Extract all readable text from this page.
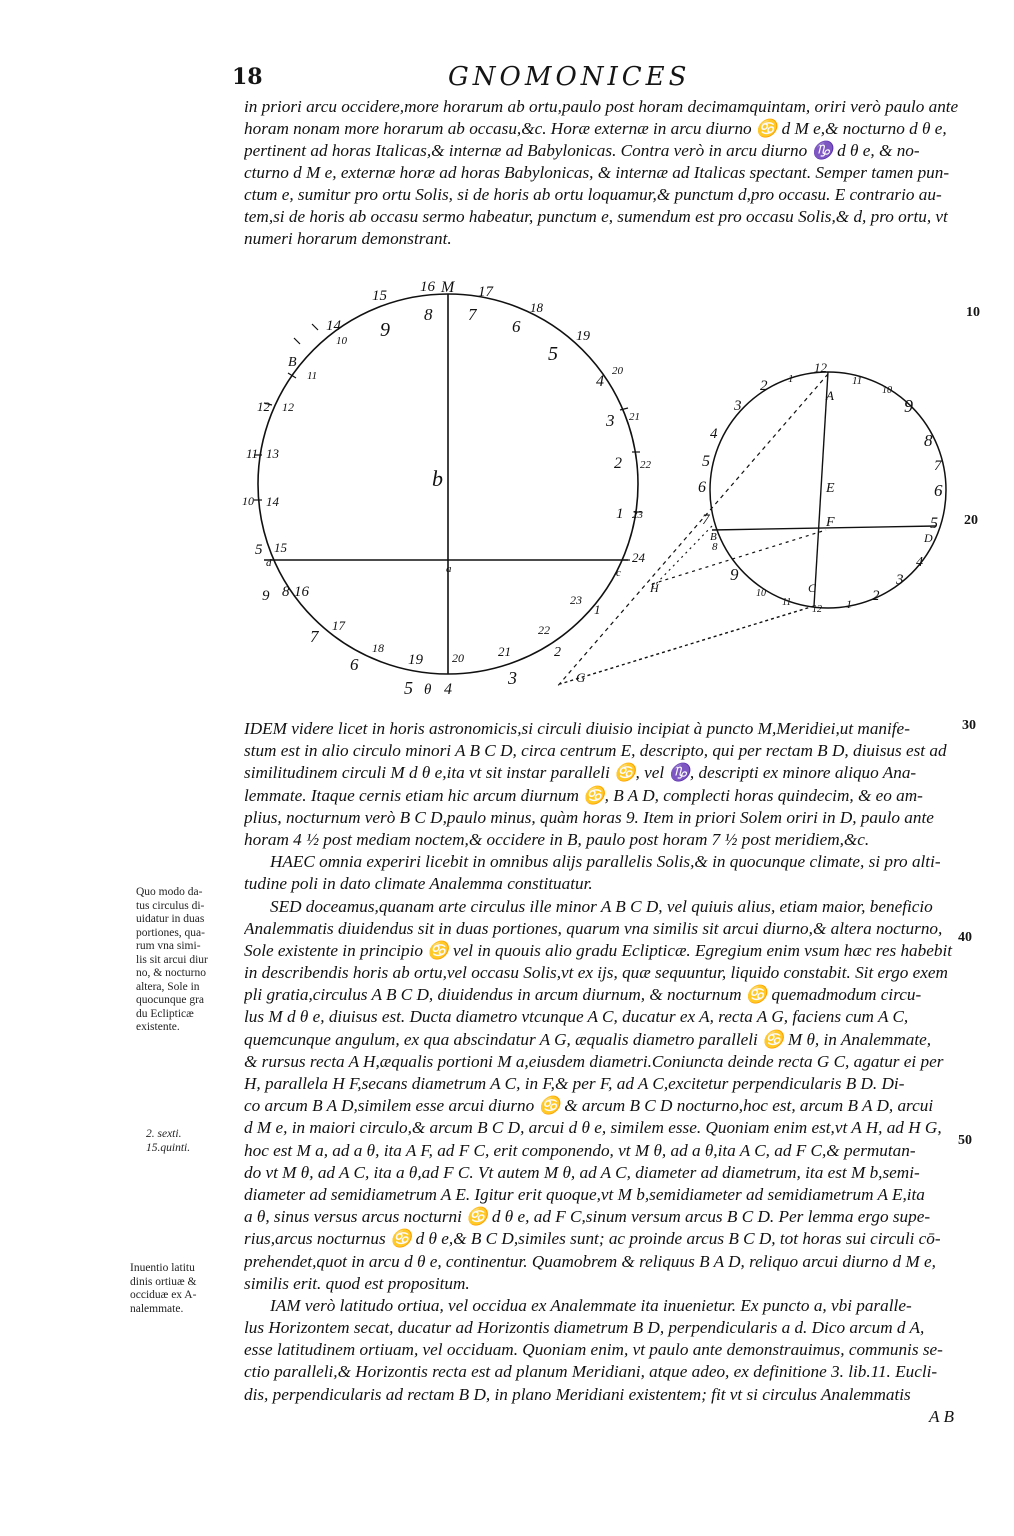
18	GNOMONICES
in priori arcu occidere,more horarum ab ortu,paulo post horam decimamquintam, oriri verò paulo ante
horam nonam more horarum ab occasu,&c. Horæ externæ in arcu diurno ♋ d M e,& nocturno d θ e,
pertinent ad horas Italicas,& internæ ad Babylonicas. Contra verò in arcu diurno ♑ d θ e, & no-
cturno d M e, externæ horæ ad horas Babylonicas, & internæ ad Italicas spectant. Semper tamen pun-
ctum e, sumitur pro ortu Solis, si de horis ab ortu loquamur,& punctum d,pro occasu. E contrario au-
tem,si de horis ab occasu sermo habeatur, punctum e, sumendum est pro occasu Solis,& d, pro ortu, vt
numeri horarum demonstrant.
10
20
30
40
50
15
16 M 17
18
9
8 7
6
5
14
B
12
11
10
10
11
12
13
14
15
19
20
21
22
23
24
4
3
2
1
b
a
d
c
5
9 8
7
6
θ 4
3
5
16
17
18
19 20	21
22
23
1
2
12
11
10
1
2
3
4
5
6
7
9
8
7
6
5
4
8
9
10
11
12 1 2
3
A
E
F
B	D
C
H
G
IDEM videre licet in horis astronomicis,si circuli diuisio incipiat à puncto M,Meridiei,ut manife-
stum est in alio circulo minori A B C D, circa centrum E, descripto, qui per rectam B D, diuisus est ad
similitudinem circuli M d θ e,ita vt sit instar paralleli ♋, vel ♑, descripti ex minore aliquo Ana-
lemmate. Itaque cernis etiam hic arcum diurnum ♋, B A D, complecti horas quindecim, & eo am-
plius, nocturnum verò B C D,paulo minus, quàm horas 9. Item in priori Solem oriri in D, paulo ante
horam 4 ½ post mediam noctem,& occidere in B, paulo post horam 7 ½ post meridiem,&c.
HAEC omnia experiri licebit in omnibus alijs parallelis Solis,& in quocunque climate, si pro alti-
tudine poli in dato climate Analemma constituatur.
SED doceamus,quanam arte circulus ille minor A B C D, vel quiuis alius, etiam maior, beneficio
Analemmatis diuidendus sit in duas portiones, quarum vna similis sit arcui diurno,& altera nocturno,
Sole existente in principio ♋ vel in quouis alio gradu Eclipticæ. Egregium enim vsum hæc res habebit
in describendis horis ab ortu,vel occasu Solis,vt ex ijs, quæ sequuntur, liquido constabit. Sit ergo exem
pli gratia,circulus A B C D, diuidendus in arcum diurnum, & nocturnum ♋ quemadmodum circu-
lus M d θ e, diuisus est. Ducta diametro vtcunque A C, ducatur ex A, recta A G, faciens cum A C,
quemcunque angulum, ex qua abscindatur A G, æqualis diametro paralleli ♋ M θ, in Analemmate,
& rursus recta A H,æqualis portioni M a,eiusdem diametri.Coniuncta deinde recta G C, agatur ei per
H, parallela H F,secans diametrum A C, in F,& per F, ad A C,excitetur perpendicularis B D. Di-
co arcum B A D,similem esse arcui diurno ♋ & arcum B C D nocturno,hoc est, arcum B A D, arcui
d M e, in maiori circulo,& arcum B C D, arcui d θ e, similem esse. Quoniam enim est,vt A H, ad H G,
hoc est M a, ad a θ, ita A F, ad F C, erit componendo, vt M θ, ad a θ,ita A C, ad F C,& permutan-
do vt M θ, ad A C, ita a θ,ad F C. Vt autem M θ, ad A C, diameter ad diametrum, ita est M b,semi-
diameter ad semidiametrum A E. Igitur erit quoque,vt M b,semidiameter ad semidiametrum A E,ita
a θ, sinus versus arcus nocturni ♋ d θ e, ad F C,sinum versum arcus B C D. Per lemma ergo supe-
rius,arcus nocturnus ♋ d θ e,& B C D,similes sunt; ac proinde arcus B C D, tot horas sui circuli cō-
prehendet,quot in arcu d θ e, continentur. Quamobrem & reliquus B A D, reliquo arcui diurno d M e,
similis erit. quod est propositum.
IAM verò latitudo ortiua, vel occidua ex Analemmate ita inuenietur. Ex puncto a, vbi paralle-
lus Horizontem secat, ducatur ad Horizontis diametrum B D, perpendicularis a d. Dico arcum d A,
esse latitudinem ortiuam, vel occiduam. Quoniam enim, vt paulo ante demonstrauimus, communis se-
ctio paralleli,& Horizontis recta est ad planum Meridiani, atque adeo, ex definitione 3. lib.11. Eucli-
dis, perpendicularis ad rectam B D, in plano Meridiani existentem; fit vt si circulus Analemmatis
A B
Quo modo da-
tus circulus di-
uidatur in duas
portiones, qua-
rum vna simi-
lis sit arcui diur
no, & nocturno
altera, Sole in
quocunque gra
du Eclipticæ
existente.
2. sexti.
15.quinti.
Inuentio latitu
dinis ortiuæ &
occiduæ ex A-
nalemmate.
